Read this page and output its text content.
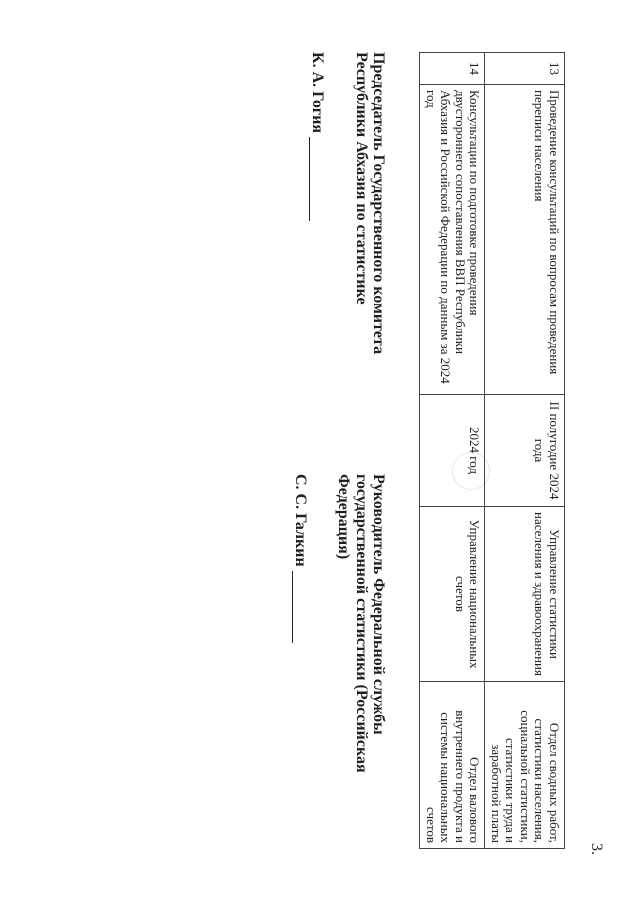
3.
13	Проведение консультаций по вопросам проведения переписи населения	II полугодие 2024 года	Управление статистики населения и здравоохранения	Отдел сводных работ, статистики населения, социальной статистики, статистики труда и заработной платы
14	Консультации по подготовке проведения двустороннего сопоставления ВВП Республики Абхазия и Российской Федерации по данным за 2024 год	2024 год	Управление национальных счетов	Отдел валового внутреннего продукта и системы национальных счетов
Председатель Государственного комитета Республики Абхазия по статистике
К. А. Гогия
Руководитель Федеральной службы государственной статистики (Российская Федерация)
С. С. Галкин
